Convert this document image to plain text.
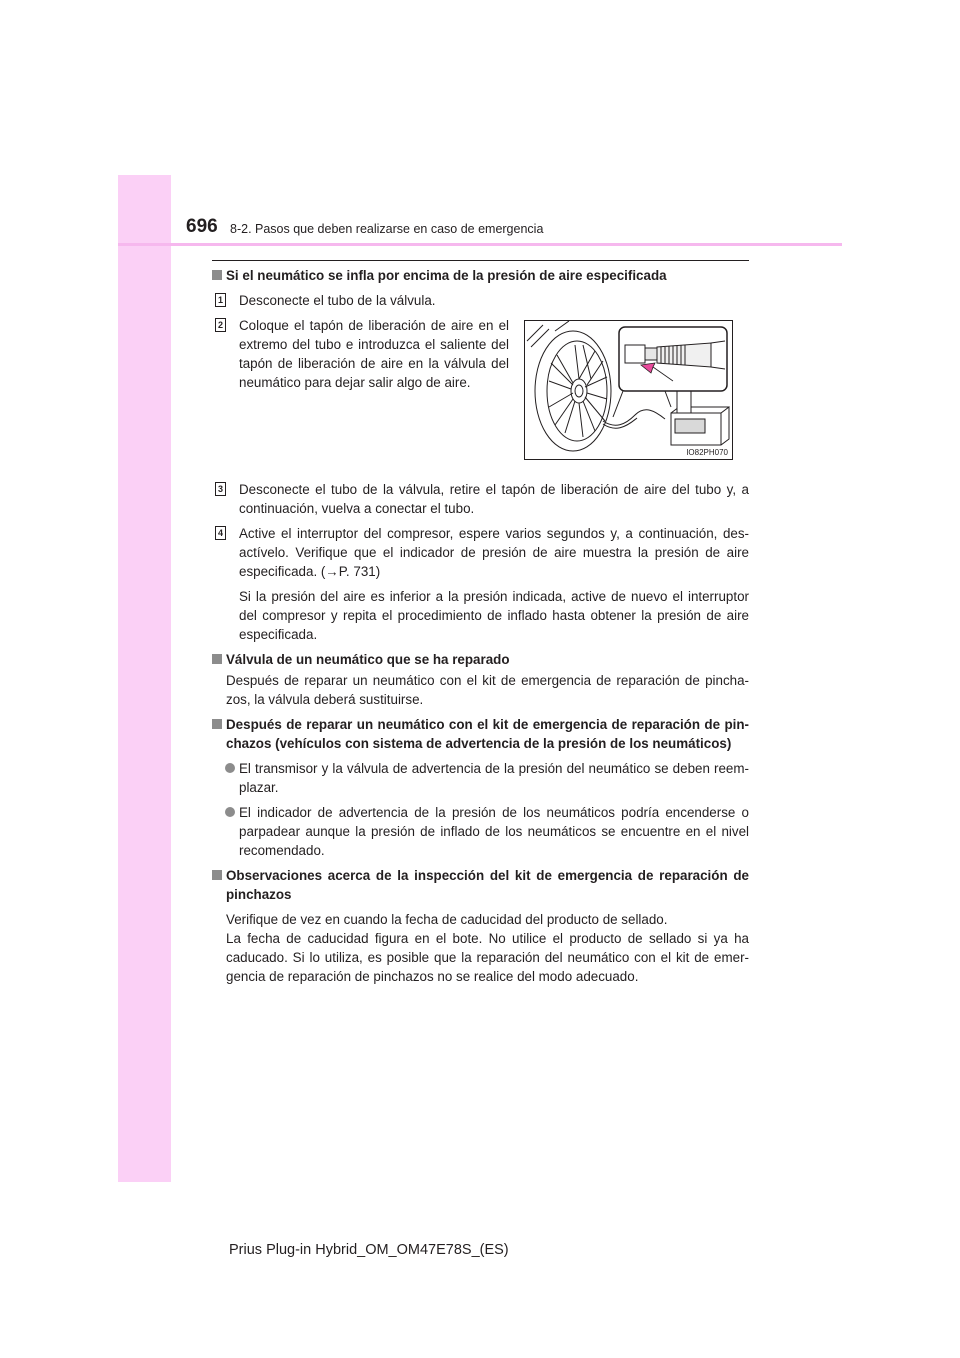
696 8-2. Pasos que deben realizarse en caso de emergencia
Si el neumático se infla por encima de la presión de aire especificada
1 Desconecte el tubo de la válvula.
2 Coloque el tapón de liberación de aire en el extremo del tubo e introduzca el saliente del tapón de liberación de aire en la válvula del neumático para dejar salir algo de aire.
3 Desconecte el tubo de la válvula, retire el tapón de liberación de aire del tubo y, a continuación, vuelva a conectar el tubo.
4 Active el interruptor del compresor, espere varios segundos y, a continuación, des-actívelo. Verifique que el indicador de presión de aire muestra la presión de aire especificada. (→P. 731)
Si la presión del aire es inferior a la presión indicada, active de nuevo el interruptor del compresor y repita el procedimiento de inflado hasta obtener la presión de aire especificada.
Válvula de un neumático que se ha reparado
Después de reparar un neumático con el kit de emergencia de reparación de pincha-zos, la válvula deberá sustituirse.
Después de reparar un neumático con el kit de emergencia de reparación de pin-chazos (vehículos con sistema de advertencia de la presión de los neumáticos)
El transmisor y la válvula de advertencia de la presión del neumático se deben reem-plazar.
El indicador de advertencia de la presión de los neumáticos podría encenderse o parpadear aunque la presión de inflado de los neumáticos se encuentre en el nivel recomendado.
Observaciones acerca de la inspección del kit de emergencia de reparación de pinchazos
Verifique de vez en cuando la fecha de caducidad del producto de sellado.
La fecha de caducidad figura en el bote. No utilice el producto de sellado si ya ha caducado. Si lo utiliza, es posible que la reparación del neumático con el kit de emer-gencia de reparación de pinchazos no se realice del modo adecuado.
IO82PH070
Prius Plug-in Hybrid_OM_OM47E78S_(ES)
